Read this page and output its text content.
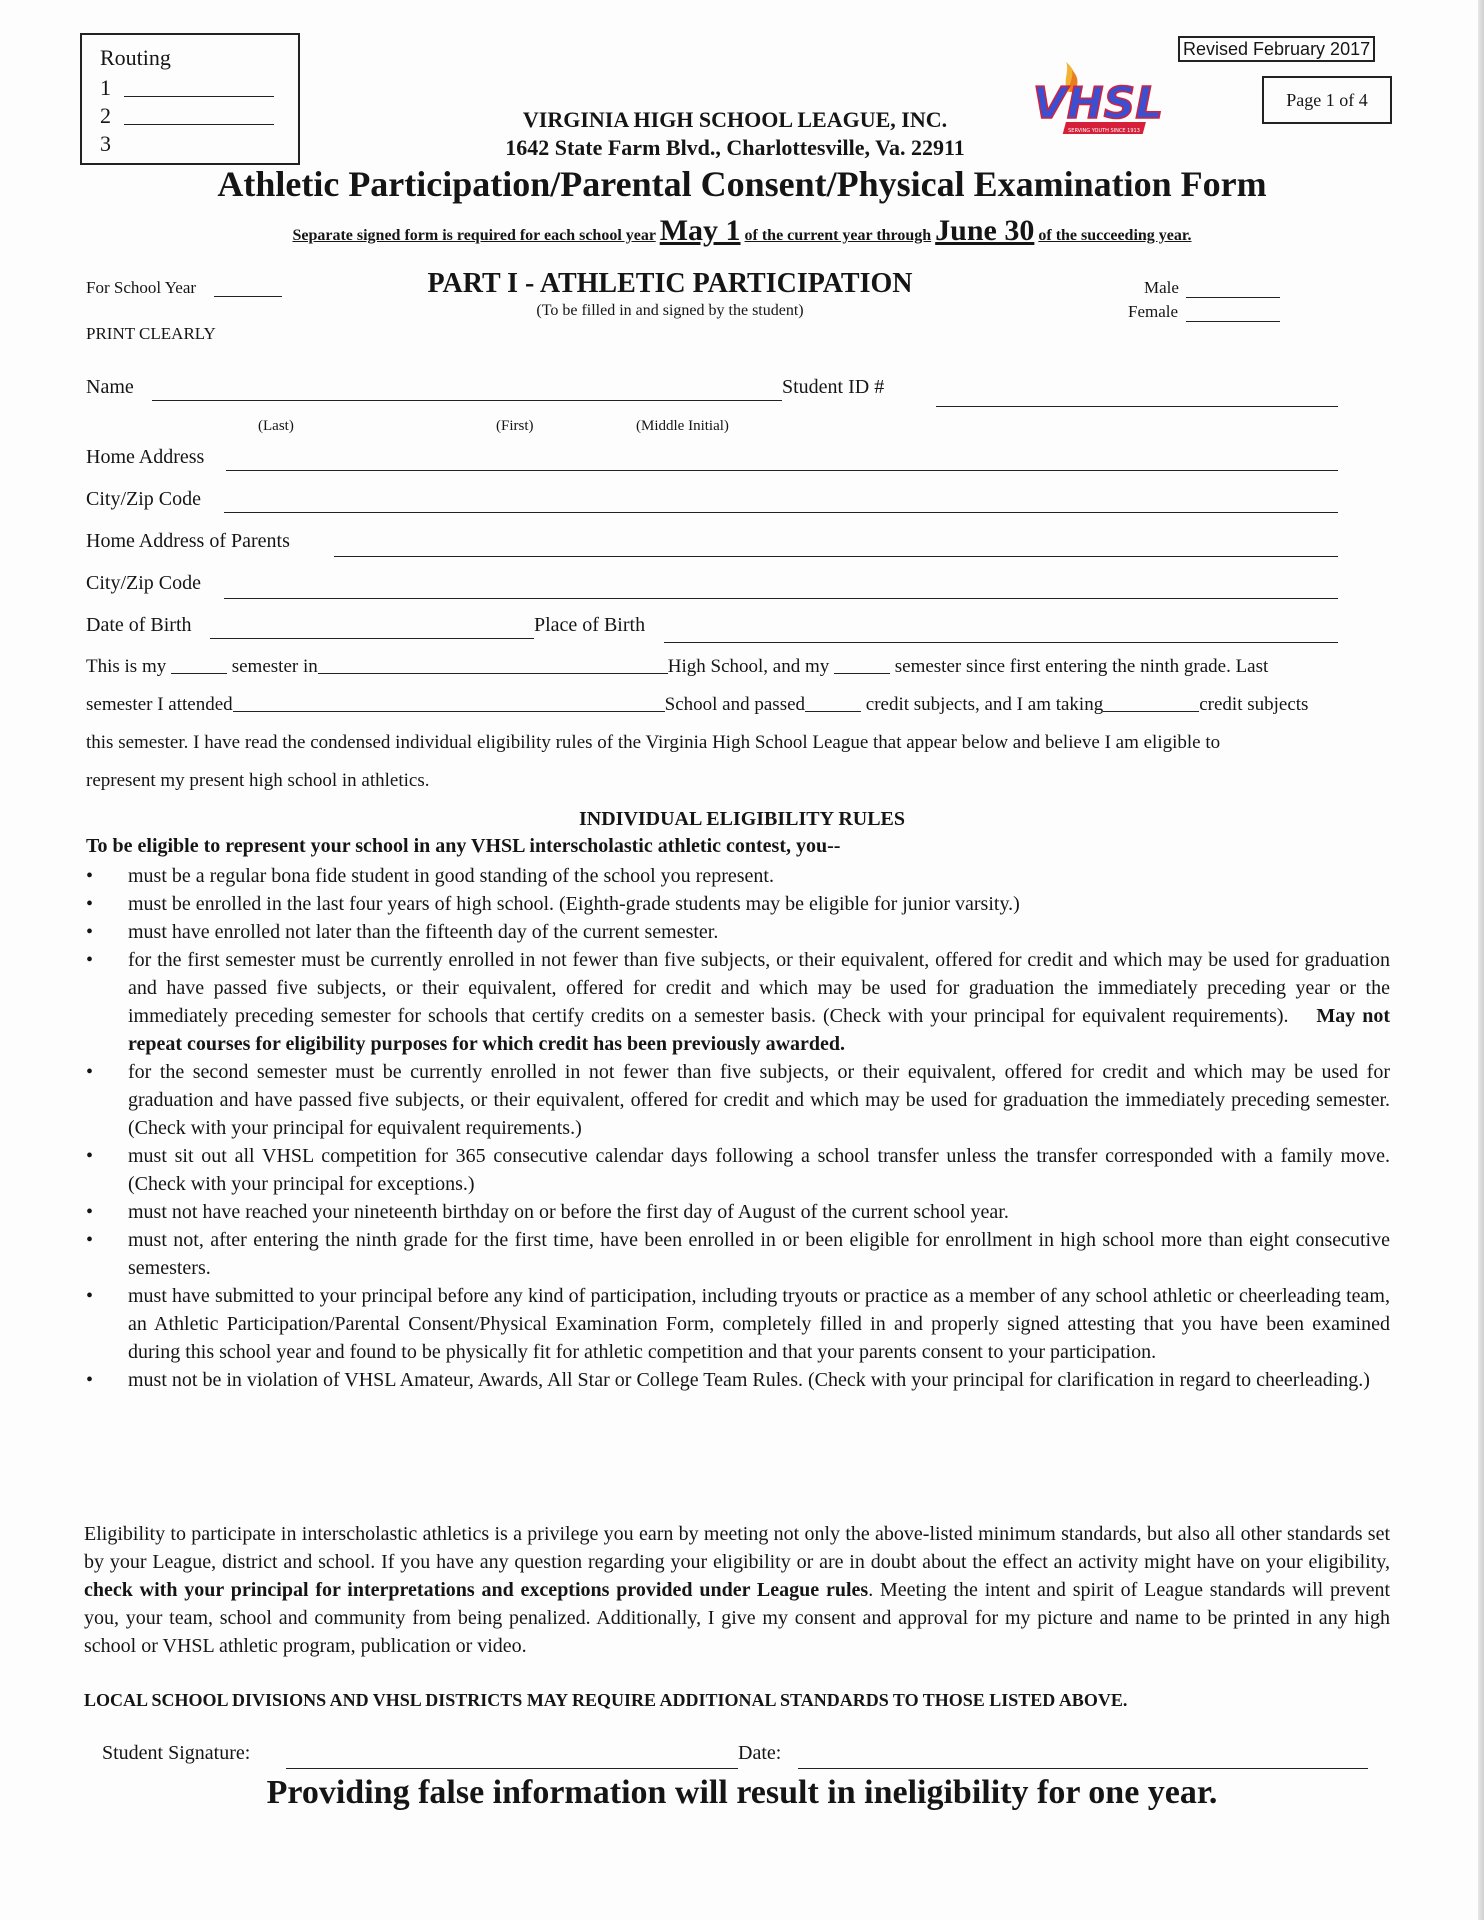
Routing
1
2
3
Revised February 2017
Page 1 of 4
VIRGINIA HIGH SCHOOL LEAGUE, INC.
1642 State Farm Blvd., Charlottesville, Va. 22911
SERVING YOUTH SINCE 1913
VHSL
Athletic Participation/Parental Consent/Physical Examination Form
Separate signed form is required for each school year May 1 of the current year through June 30 of the succeeding year.
For School Year
PRINT CLEARLY
PART I - ATHLETIC PARTICIPATION
(To be filled in and signed by the student)
Male
Female
Name	Student ID #
(Last)	(First)	(Middle Initial)
Home Address
City/Zip Code
Home Address of Parents
City/Zip Code
Date of Birth	Place of Birth
This is my	semester in	High School, and my	semester since first entering the ninth grade. Last
semester I attended	School and passed	credit subjects, and I am taking	credit subjects
this semester. I have read the condensed individual eligibility rules of the Virginia High School League that appear below and believe I am eligible to
represent my present high school in athletics.
INDIVIDUAL ELIGIBILITY RULES
To be eligible to represent your school in any VHSL interscholastic athletic contest, you--
• must be a regular bona fide student in good standing of the school you represent.
• must be enrolled in the last four years of high school. (Eighth-grade students may be eligible for junior varsity.)
• must have enrolled not later than the fifteenth day of the current semester.
• for the first semester must be currently enrolled in not fewer than five subjects, or their equivalent, offered for credit and which may be used for graduation and have passed five subjects, or their equivalent, offered for credit and which may be used for graduation the immediately preceding year or the immediately preceding semester for schools that certify credits on a semester basis. (Check with your principal for equivalent requirements). May not repeat courses for eligibility purposes for which credit has been previously awarded.
• for the second semester must be currently enrolled in not fewer than five subjects, or their equivalent, offered for credit and which may be used for graduation and have passed five subjects, or their equivalent, offered for credit and which may be used for graduation the immediately preceding semester. (Check with your principal for equivalent requirements.)
• must sit out all VHSL competition for 365 consecutive calendar days following a school transfer unless the transfer corresponded with a family move. (Check with your principal for exceptions.)
• must not have reached your nineteenth birthday on or before the first day of August of the current school year.
• must not, after entering the ninth grade for the first time, have been enrolled in or been eligible for enrollment in high school more than eight consecutive semesters.
• must have submitted to your principal before any kind of participation, including tryouts or practice as a member of any school athletic or cheerleading team, an Athletic Participation/Parental Consent/Physical Examination Form, completely filled in and properly signed attesting that you have been examined during this school year and found to be physically fit for athletic competition and that your parents consent to your participation.
• must not be in violation of VHSL Amateur, Awards, All Star or College Team Rules. (Check with your principal for clarification in regard to cheerleading.)
Eligibility to participate in interscholastic athletics is a privilege you earn by meeting not only the above-listed minimum standards, but also all other standards set by your League, district and school. If you have any question regarding your eligibility or are in doubt about the effect an activity might have on your eligibility, check with your principal for interpretations and exceptions provided under League rules. Meeting the intent and spirit of League standards will prevent you, your team, school and community from being penalized. Additionally, I give my consent and approval for my picture and name to be printed in any high school or VHSL athletic program, publication or video.
LOCAL SCHOOL DIVISIONS AND VHSL DISTRICTS MAY REQUIRE ADDITIONAL STANDARDS TO THOSE LISTED ABOVE.
Student Signature:	Date:
Providing false information will result in ineligibility for one year.
